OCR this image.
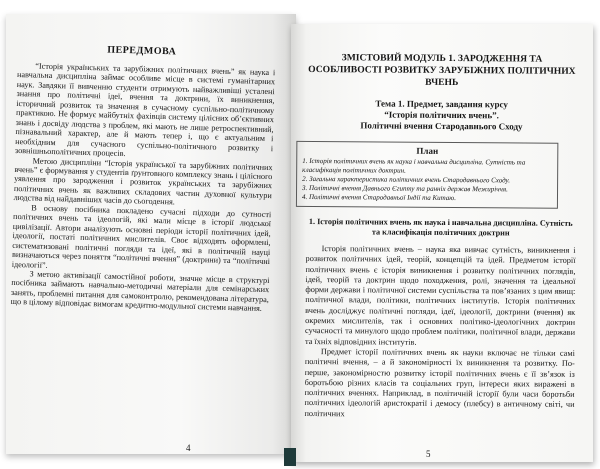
ПЕРЕДМОВА

“Історія українських та зарубіжних політичних вчень” як наука і навчальна дисципліна займає особливе місце в системі гуманітарних наук. Завдяки її вивченню студенти отримують найважливіші усталені знання про політичні ідеї, вчення та доктрини, їх виникнення, історичний розвиток та значення в сучасному суспільно-політичному практикою. Не формує майбутніх фахівців систему цілісних об’єктивних знань і досвіду людства з проблем, які мають не лише ретроспективний, пізнавальний характер, але й мають тепер і, що є актуальним і необхідним для сучасного суспільно-політичного розвитку і зовнішньополітичних процесів.

Метою дисципліни “Історія української та зарубіжних політичних вчень” є формування у студентів ґрунтовного комплексу знань і цілісного уявлення про зародження і розвиток українських та зарубіжних політичних вчень як важливих складових частин духовної культури людства від найдавніших часів до сьогодення.

В основу посібника покладено сучасні підходи до сутності політичних вчень та ідеологій, які мали місце в історії людської цивілізації. Автори аналізують основні періоди історії політичних ідей, ідеології, постаті політичних мислителів. Своє відходять оформлені, систематизовані політичні погляди та ідеї, які в політичній науці визначаються через поняття “політичні вчення” (доктрини) та “політичні ідеології”.

З метою активізації самостійної роботи, значне місце в структурі посібника займають навчально-методичні матеріали для семінарських занять, проблемні питання для самоконтролю, рекомендована література, що в цілому відповідає вимогам кредитно-модульної системи навчання.

ЗМІСТОВИЙ МОДУЛЬ 1. ЗАРОДЖЕННЯ ТА ОСОБЛИВОСТІ РОЗВИТКУ ЗАРУБІЖНИХ ПОЛІТИЧНИХ ВЧЕНЬ
Тема 1. Предмет, завдання курсу
“Історія політичних вчень”.
Політичні вчення Стародавнього Сходу
План
1. Історія політичних вчень як наука і навчальна дисципліна. Сутність та класифікація політичних доктрин.
2. Загальна характеристика політичних вчень Стародавнього Сходу.
3. Політичні вчення Давнього Єгипту та ранніх держав Межиріччя.
4. Політичні вчення Стародавньої Індії та Китаю.
1. Історія політичних вчень як наука і навчальна дисципліна. Сутність та класифікація політичних доктрин

Історія політичних вчень – наука яка вивчає сутність, виникнення і розвиток політичних ідей, теорій, концепцій та ідей. Предметом історії політичних вчень є історія виникнення і розвитку політичних поглядів, ідей, теорій та доктрин щодо походження, ролі, значення та ідеальної форми держави і політичної системи суспільства та пов’язаних з цим явищ: політичної влади, політики, політичних інститутів. Історія політичних вчень досліджує політичні погляди, ідеї, ідеології, доктрини (вчення) як окремих мислителів, так і основних політико-ідеологічних доктрин сучасності та минулого щодо проблем політики, політичної влади, держави та їхніх відповідних інститутів.

Предмет історії політичних вчень як науки включає не тільки самі політичні вчення, – а й закономірності їх виникнення та розвитку. По-перше, закономірностю розвитку історії політичних вчень є її зв’язок із боротьбою різних класів та соціальних груп, інтереси яких виражені в політичних вченнях. Наприклад, в політичній історії були часи боротьби політичних ідеологій аристократії і демосу (плебсу) в античному світі, чи політичних

4
5
